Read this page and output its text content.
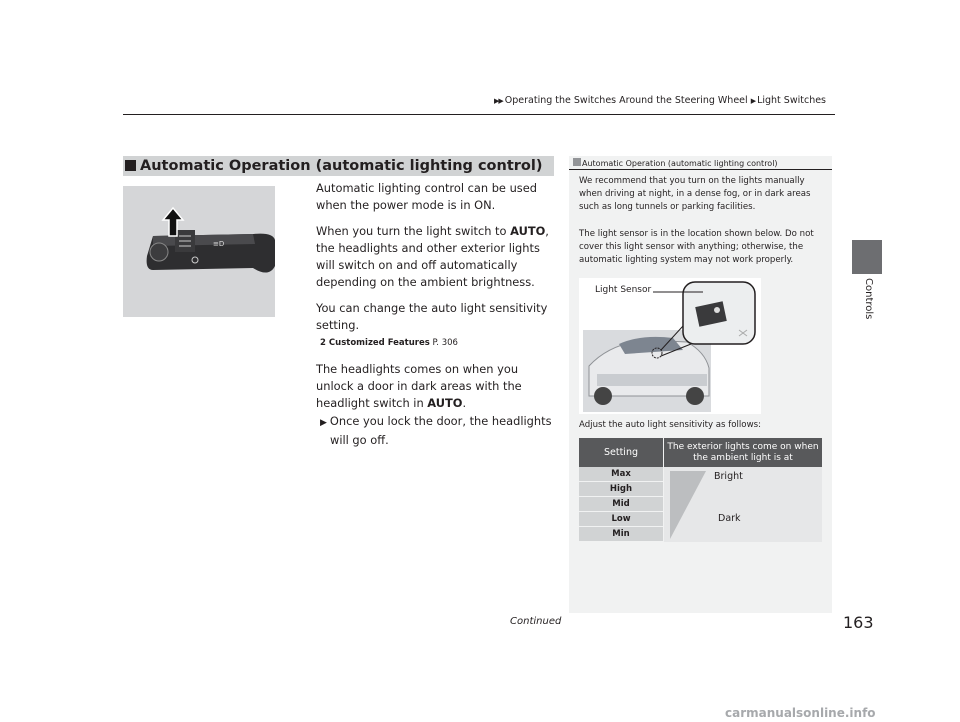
▶▶ Operating the Switches Around the Steering Wheel ▶ Light Switches
Controls
Automatic Operation (automatic lighting control)
≡D

Automatic lighting control can be used when the power mode is in ON.

When you turn the light switch to AUTO, the headlights and other exterior lights will switch on and off automatically depending on the ambient brightness.

You can change the auto light sensitivity setting.

2 Customized Features P. 306

The headlights comes on when you unlock a door in dark areas with the headlight switch in AUTO.

▶ Once you lock the door, the headlights will go off.

Automatic Operation (automatic lighting control)
We recommend that you turn on the lights manually when driving at night, in a dense fog, or in dark areas such as long tunnels or parking facilities.
The light sensor is in the location shown below. Do not cover this light sensor with anything; otherwise, the automatic lighting system may not work properly.
Light Sensor
Adjust the auto light sensitivity as follows:
Setting
The exterior lights come on when the ambient light is at
Max
High
Mid
Low
Min
Bright
Dark
Continued	163
carmanualsonline.info
